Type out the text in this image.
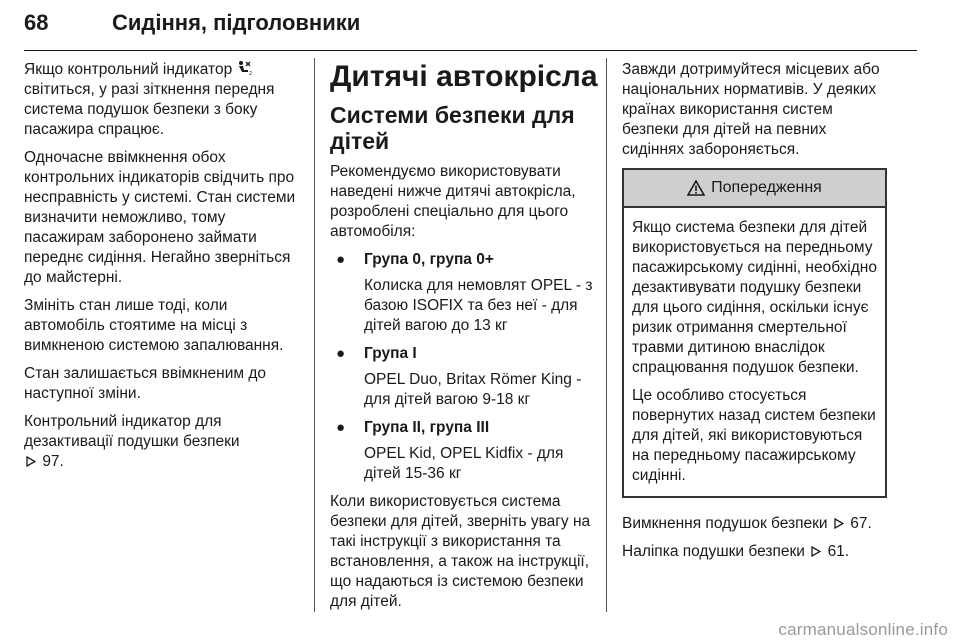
68	Сидіння, підголовники

Якщо контрольний індикатор	2
світиться, у разі зіткнення передня система подушок безпеки з боку пасажира спрацює.

Одночасне ввімкнення обох контрольних індикаторів свідчить про несправність у системі. Стан системи визначити неможливо, тому пасажирам заборонено займати переднє сидіння. Негайно зверніться до майстерні.

Змініть стан лише тоді, коли автомобіль стоятиме на місці з вимкненою системою запалювання.

Стан залишається ввімкненим до наступної зміни.

Контрольний індикатор для дезактивації подушки безпеки
97.

Дитячі автокрісла
Системи безпеки для дітей

Рекомендуємо використовувати наведені нижче дитячі автокрісла, розроблені спеціально для цього автомобіля:

● Група 0, група 0+
Колиска для немовлят OPEL - з базою ISOFIX та без неї - для дітей вагою до 13 кг
● Група I
OPEL Duo, Britax Römer King - для дітей вагою 9-18 кг
● Група II, група III
OPEL Kid, OPEL Kidfix - для дітей 15-36 кг

Коли використовується система безпеки для дітей, зверніть увагу на такі інструкції з використання та встановлення, а також на інструкції, що надаються із системою безпеки для дітей.

Завжди дотримуйтеся місцевих або національних нормативів. У деяких країнах використання систем безпеки для дітей на певних сидіннях забороняється.

Попередження

Якщо система безпеки для дітей використовується на передньому пасажирському сидінні, необхідно дезактивувати подушку безпеки для цього сидіння, оскільки існує ризик отримання смертельної травми дитиною внаслідок спрацювання подушок безпеки.

Це особливо стосується повернутих назад систем безпеки для дітей, які використовуються на передньому пасажирському сидінні.

Вимкнення подушок безпеки 67.

Наліпка подушки безпеки 61.

carmanualsonline.info
